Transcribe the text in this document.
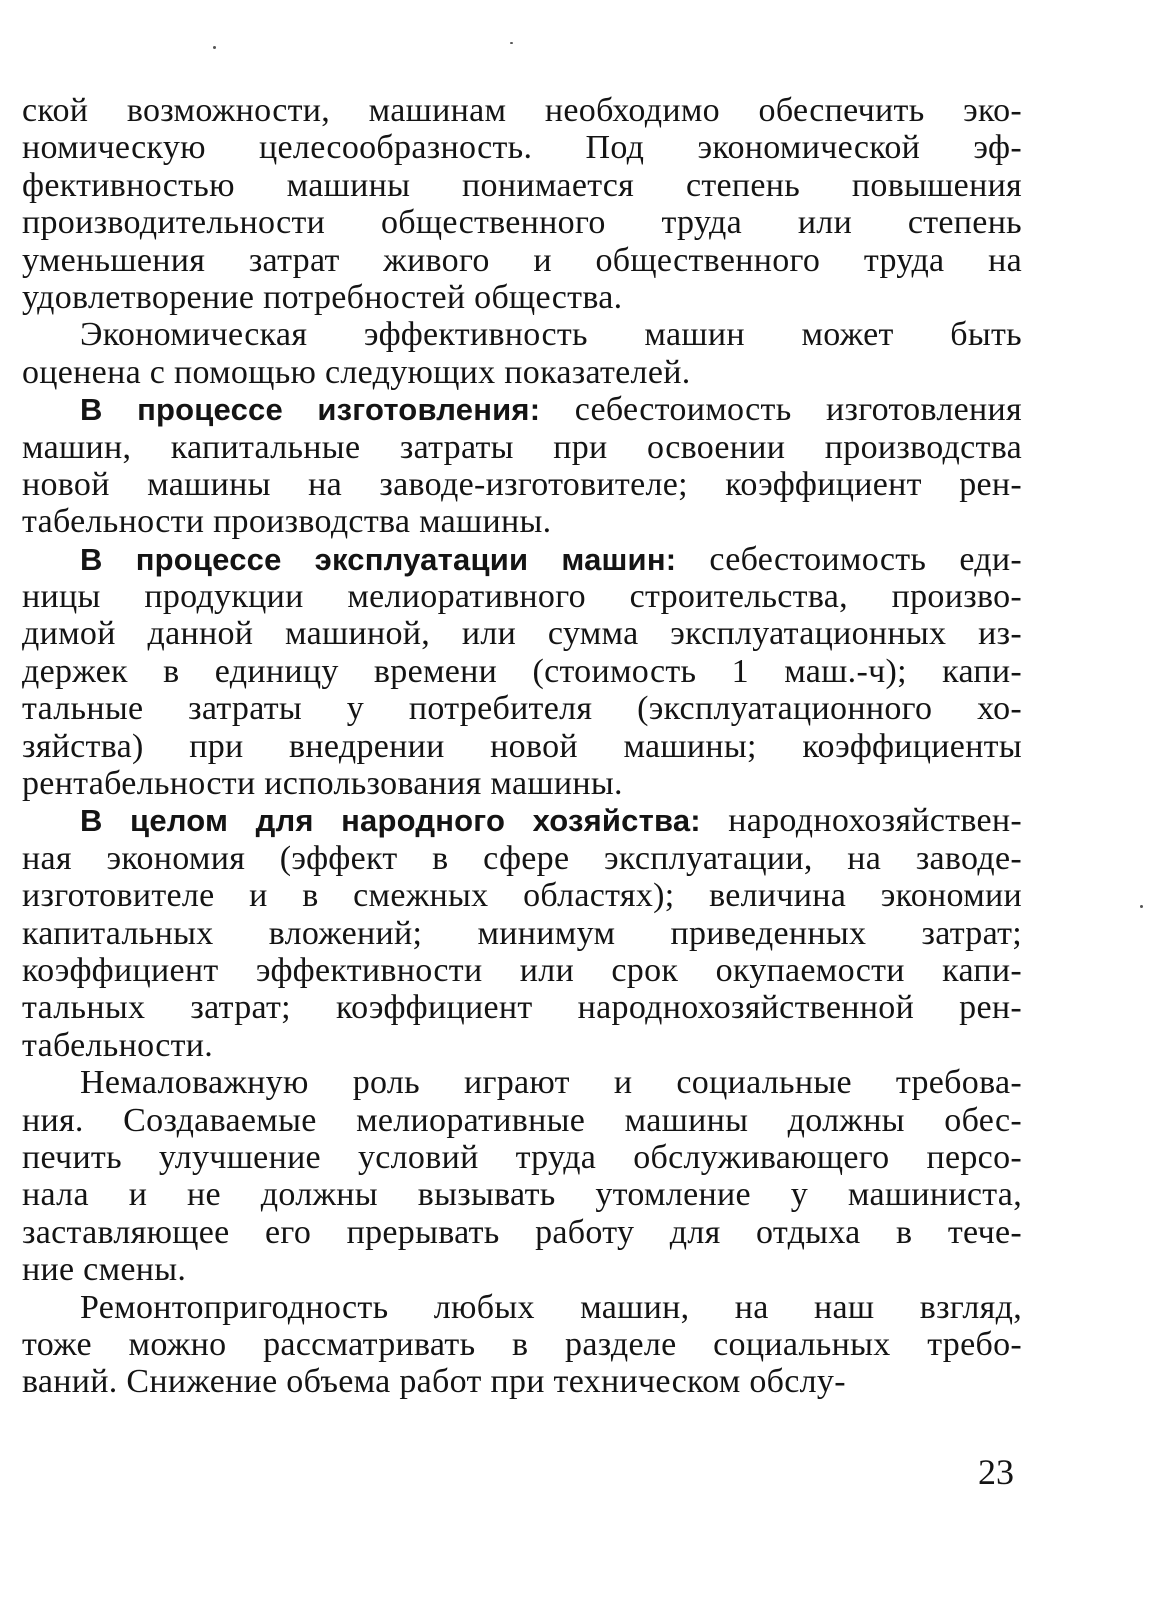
ской возможности, машинам необходимо обеспечить эко-
номическую целесообразность. Под экономической эф-
фективностью машины понимается степень повышения
производительности общественного труда или степень
уменьшения затрат живого и общественного труда на
удовлетворение потребностей общества.
Экономическая эффективность машин может быть
оценена с помощью следующих показателей.
В процессе изготовления: себестоимость изготовления
машин, капитальные затраты при освоении производства
новой машины на заводе-изготовителе; коэффициент рен-
табельности производства машины.
В процессе эксплуатации машин: себестоимость еди-
ницы продукции мелиоративного строительства, произво-
димой данной машиной, или сумма эксплуатационных из-
держек в единицу времени (стоимость 1 маш.-ч); капи-
тальные затраты у потребителя (эксплуатационного хо-
зяйства) при внедрении новой машины; коэффициенты
рентабельности использования машины.
В целом для народного хозяйства: народнохозяйствен-
ная экономия (эффект в сфере эксплуатации, на заводе-
изготовителе и в смежных областях); величина экономии
капитальных вложений; минимум приведенных затрат;
коэффициент эффективности или срок окупаемости капи-
тальных затрат; коэффициент народнохозяйственной рен-
табельности.
Немаловажную роль играют и социальные требова-
ния. Создаваемые мелиоративные машины должны обес-
печить улучшение условий труда обслуживающего персо-
нала и не должны вызывать утомление у машиниста,
заставляющее его прерывать работу для отдыха в тече-
ние смены.
Ремонтопригодность любых машин, на наш взгляд,
тоже можно рассматривать в разделе социальных требо-
ваний. Снижение объема работ при техническом обслу-
23
